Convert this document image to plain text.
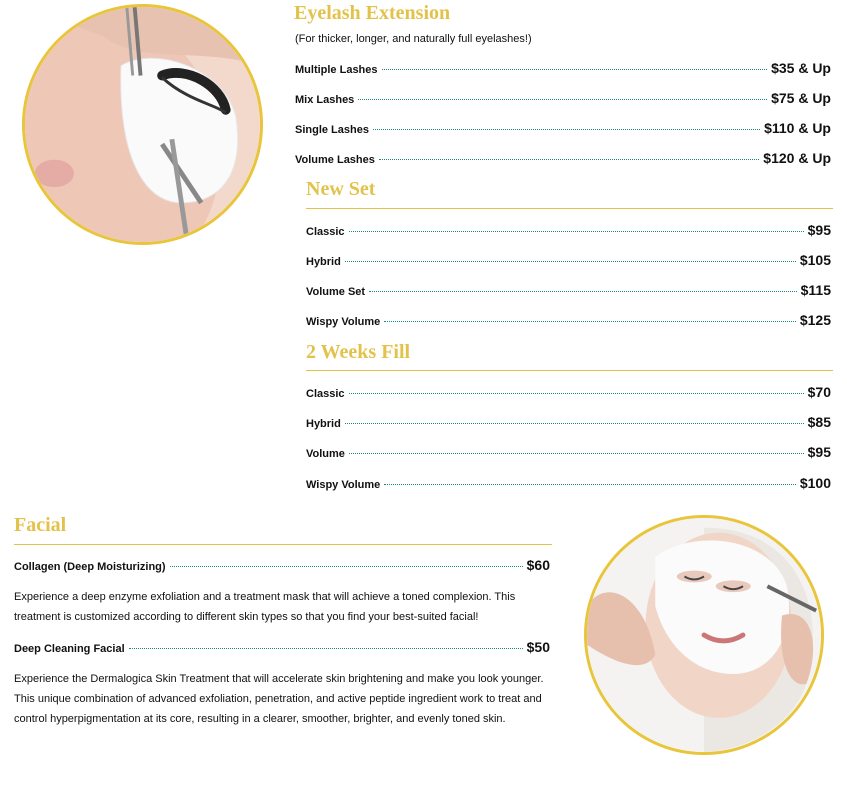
Eyelash Extension
(For thicker, longer, and naturally full eyelashes!)
Multiple Lashes	$35 & Up
Mix Lashes	$75 & Up
Single Lashes	$110 & Up
Volume Lashes	$120 & Up
New Set
Classic	$95
Hybrid	$105
Volume Set	$115
Wispy Volume	$125
2 Weeks Fill
Classic	$70
Hybrid	$85
Volume	$95
Wispy Volume	$100
Facial
Collagen (Deep Moisturizing)	$60

Experience a deep enzyme exfoliation and a treatment mask that will achieve a toned complexion. This treatment is customized according to different skin types so that you find your best-suited facial!

Deep Cleaning Facial	$50

Experience the Dermalogica Skin Treatment that will accelerate skin brightening and make you look younger. This unique combination of advanced exfoliation, penetration, and active peptide ingredient work to treat and control hyperpigmentation at its core, resulting in a clearer, smoother, brighter, and evenly toned skin.
